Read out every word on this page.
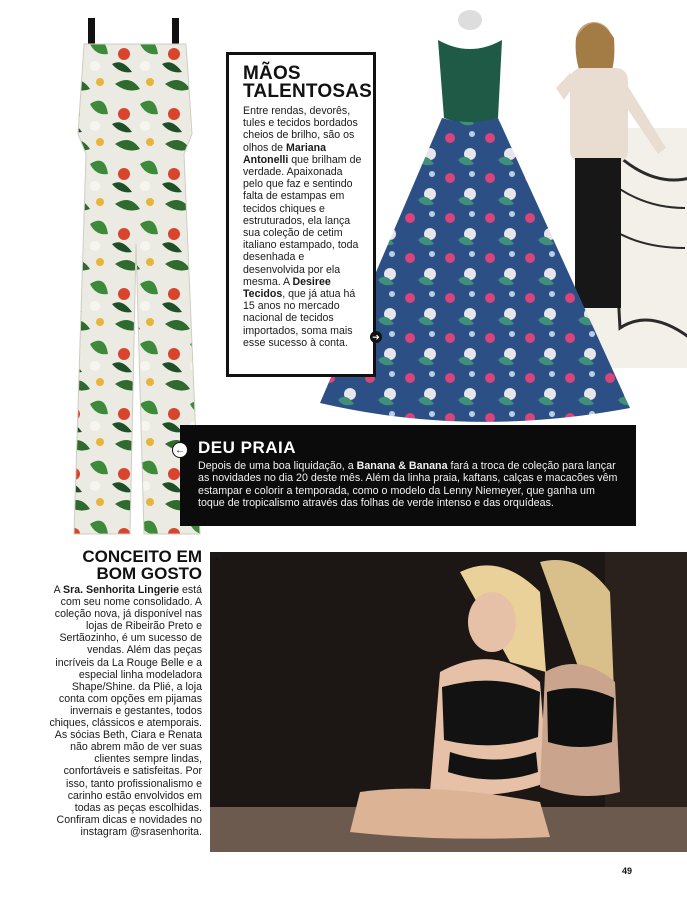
MÃOS
TALENTOSAS

Entre rendas, devorês, tules e tecidos bordados cheios de brilho, são os olhos de Mariana Antonelli que brilham de verdade. Apaixonada pelo que faz e sentindo falta de estampas em tecidos chiques e estruturados, ela lança sua coleção de cetim italiano estampado, toda desenhada e desenvolvida por ela mesma. A Desiree Tecidos, que já atua há 15 anos no mercado nacional de tecidos importados, soma mais esse sucesso à conta.

➔
DEU PRAIA

Depois de uma boa liquidação, a Banana & Banana fará a troca de coleção para lançar as novidades no dia 20 deste mês. Além da linha praia, kaftans, calças e macacões vêm estampar e colorir a temporada, como o modelo da Lenny Niemeyer, que ganha um toque de tropicalismo através das folhas de verde intenso e das orquídeas.

←
CONCEITO EM
BOM GOSTO
→

A Sra. Senhorita Lingerie está com seu nome consolidado. A coleção nova, já disponível nas lojas de Ribeirão Preto e Sertãozinho, é um sucesso de vendas. Além das peças incríveis da La Rouge Belle e a especial linha modeladora Shape/Shine. da Plié, a loja conta com opções em pijamas invernais e gestantes, todos chiques, clássicos e atemporais. As sócias Beth, Ciara e Renata não abrem mão de ver suas clientes sempre lindas, confortáveis e satisfeitas. Por isso, tanto profissionalismo e carinho estão envolvidos em todas as peças escolhidas. Confiram dicas e novidades no instagram @srasenhorita.

49
